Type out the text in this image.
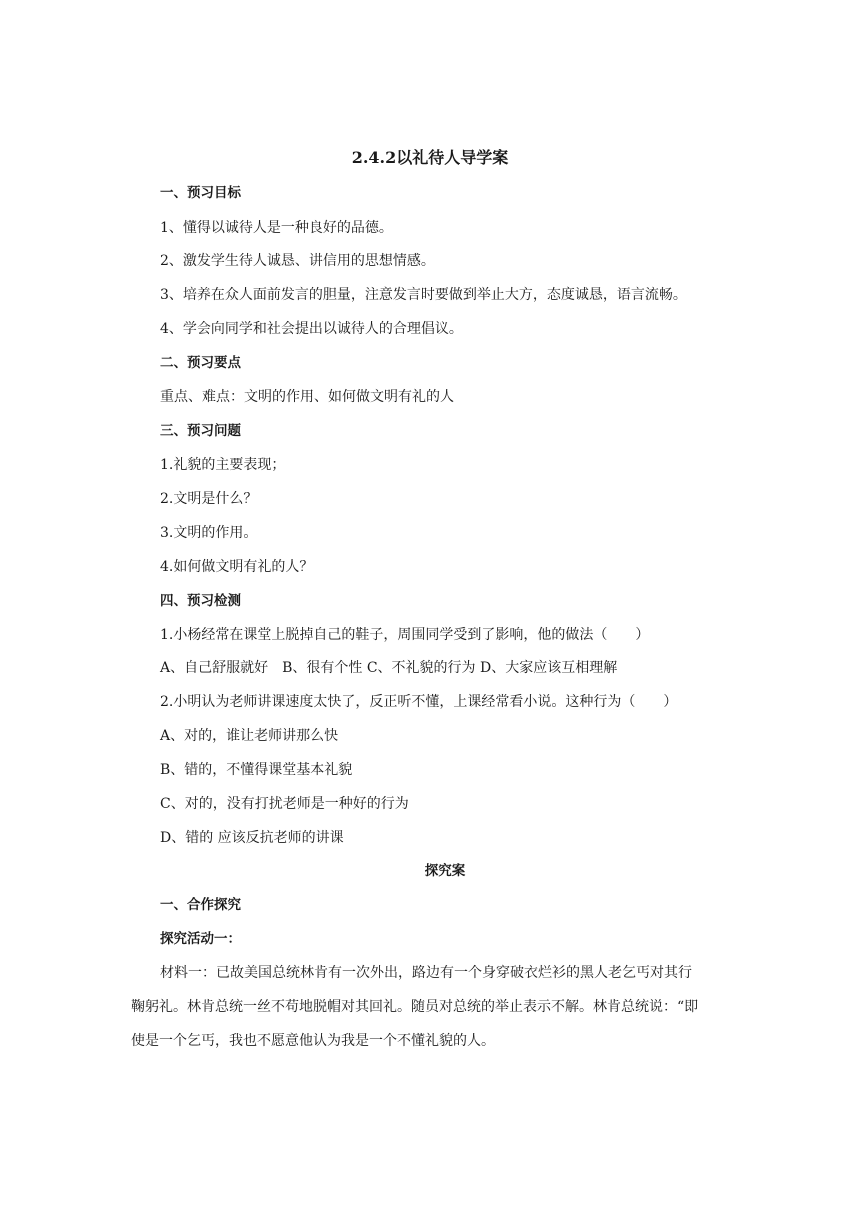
2.4.2以礼待人导学案
一、预习目标
1、懂得以诚待人是一种良好的品德。
2、激发学生待人诚恳、讲信用的思想情感。
3、培养在众人面前发言的胆量，注意发言时要做到举止大方，态度诚恳，语言流畅。
4、学会向同学和社会提出以诚待人的合理倡议。
二、预习要点
重点、难点：文明的作用、如何做文明有礼的人
三、预习问题
1.礼貌的主要表现；
2.文明是什么？
3.文明的作用。
4.如何做文明有礼的人？
四、预习检测
1.小杨经常在课堂上脱掉自己的鞋子，周围同学受到了影响，他的做法（　　）
A、自己舒服就好　B、很有个性 C、不礼貌的行为 D、大家应该互相理解
2.小明认为老师讲课速度太快了，反正听不懂，上课经常看小说。这种行为（　　）
A、对的，谁让老师讲那么快
B、错的，不懂得课堂基本礼貌
C、对的，没有打扰老师是一种好的行为
D、错的 应该反抗老师的讲课
探究案
一、合作探究
探究活动一：
材料一：已故美国总统林肯有一次外出，路边有一个身穿破衣烂衫的黑人老乞丐对其行
鞠躬礼。林肯总统一丝不苟地脱帽对其回礼。随员对总统的举止表示不解。林肯总统说：“即
使是一个乞丐，我也不愿意他认为我是一个不懂礼貌的人。
